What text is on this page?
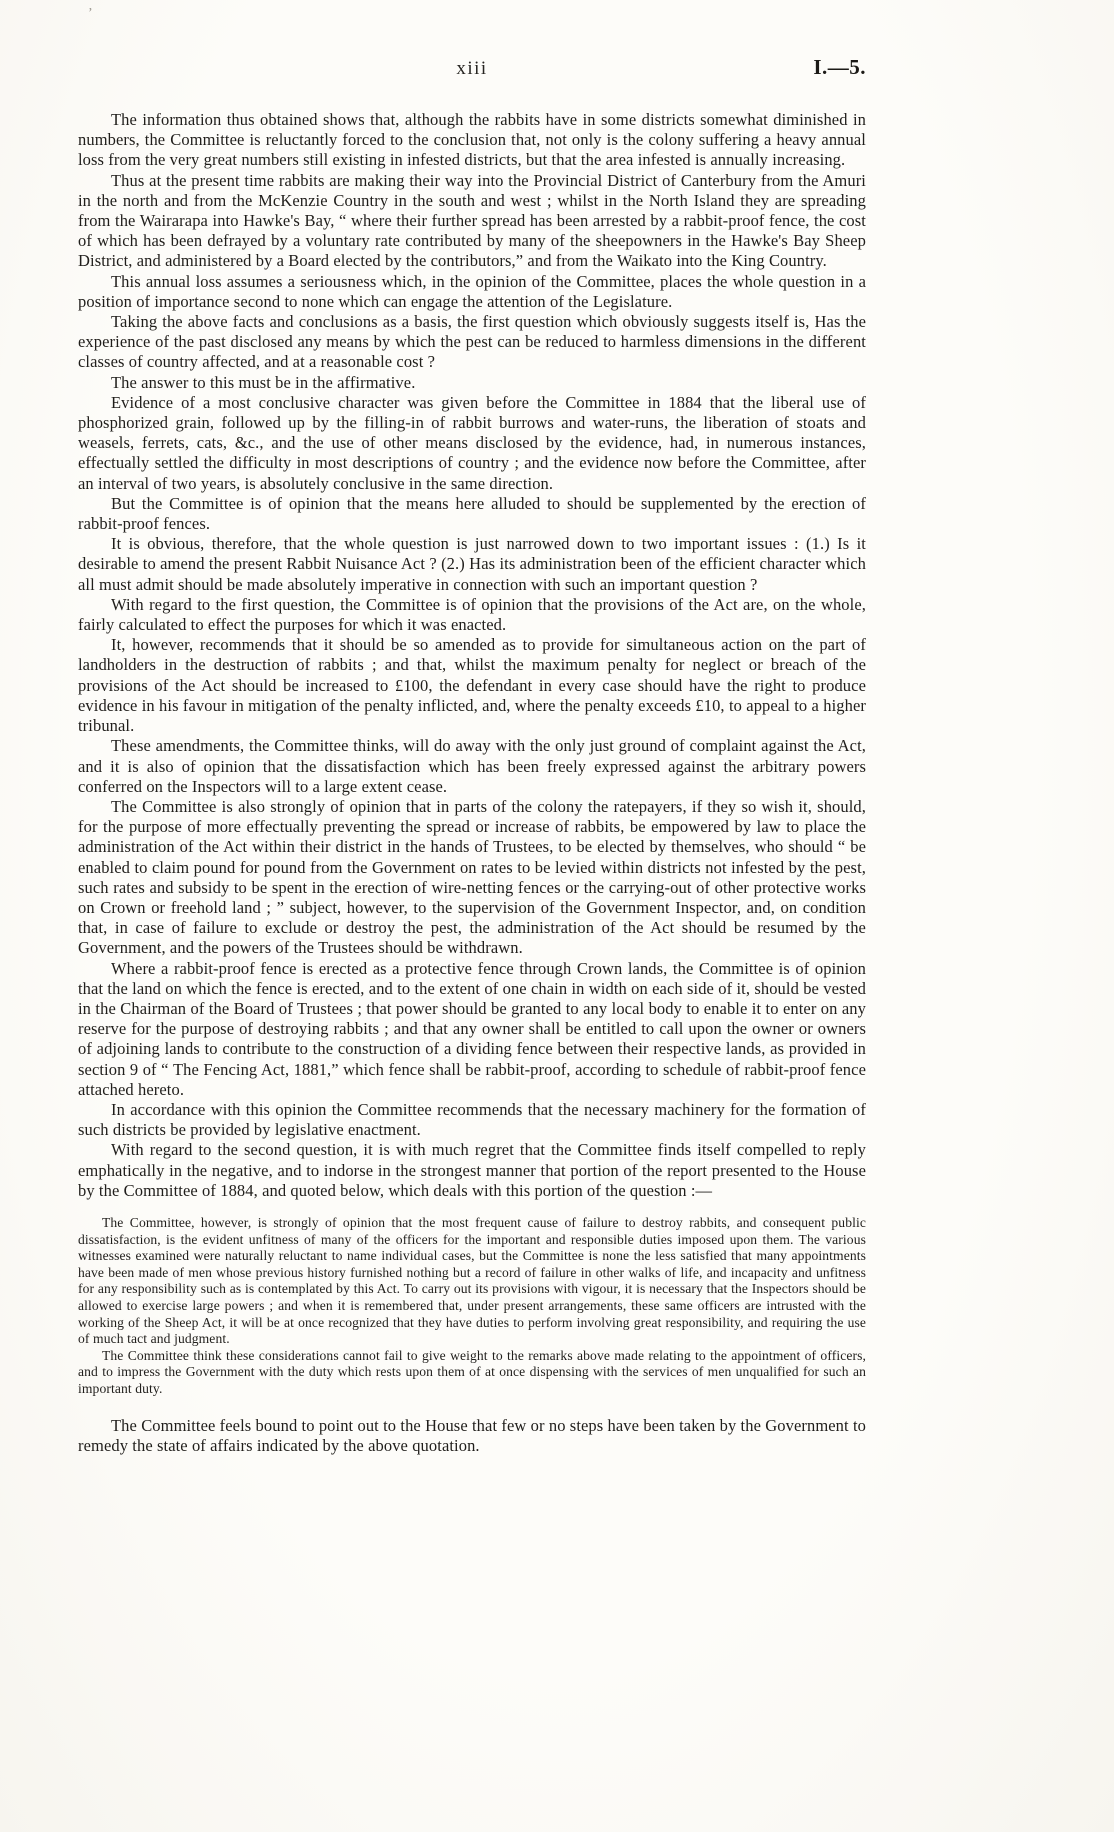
’
xiii	I.—5.

The information thus obtained shows that, although the rabbits have in some districts somewhat diminished in numbers, the Committee is reluctantly forced to the conclusion that, not only is the colony suffering a heavy annual loss from the very great numbers still existing in infested districts, but that the area infested is annually increasing.

Thus at the present time rabbits are making their way into the Provincial District of Canterbury from the Amuri in the north and from the McKenzie Country in the south and west ; whilst in the North Island they are spreading from the Wairarapa into Hawke's Bay, “ where their further spread has been arrested by a rabbit-proof fence, the cost of which has been defrayed by a voluntary rate contributed by many of the sheepowners in the Hawke's Bay Sheep District, and administered by a Board elected by the contributors,” and from the Waikato into the King Country.

This annual loss assumes a seriousness which, in the opinion of the Committee, places the whole question in a position of importance second to none which can engage the attention of the Legislature.

Taking the above facts and conclusions as a basis, the first question which obviously suggests itself is, Has the experience of the past disclosed any means by which the pest can be reduced to harmless dimensions in the different classes of country affected, and at a reasonable cost ?

The answer to this must be in the affirmative.

Evidence of a most conclusive character was given before the Committee in 1884 that the liberal use of phosphorized grain, followed up by the filling-in of rabbit burrows and water-runs, the liberation of stoats and weasels, ferrets, cats, &c., and the use of other means disclosed by the evidence, had, in numerous instances, effectually settled the difficulty in most descriptions of country ; and the evidence now before the Committee, after an interval of two years, is absolutely conclusive in the same direction.

But the Committee is of opinion that the means here alluded to should be supplemented by the erection of rabbit-proof fences.

It is obvious, therefore, that the whole question is just narrowed down to two important issues : (1.) Is it desirable to amend the present Rabbit Nuisance Act ? (2.) Has its administration been of the efficient character which all must admit should be made absolutely imperative in connection with such an important question ?

With regard to the first question, the Committee is of opinion that the provisions of the Act are, on the whole, fairly calculated to effect the purposes for which it was enacted.

It, however, recommends that it should be so amended as to provide for simultaneous action on the part of landholders in the destruction of rabbits ; and that, whilst the maximum penalty for neglect or breach of the provisions of the Act should be increased to £100, the defendant in every case should have the right to produce evidence in his favour in mitigation of the penalty inflicted, and, where the penalty exceeds £10, to appeal to a higher tribunal.

These amendments, the Committee thinks, will do away with the only just ground of complaint against the Act, and it is also of opinion that the dissatisfaction which has been freely expressed against the arbitrary powers conferred on the Inspectors will to a large extent cease.

The Committee is also strongly of opinion that in parts of the colony the ratepayers, if they so wish it, should, for the purpose of more effectually preventing the spread or increase of rabbits, be empowered by law to place the administration of the Act within their district in the hands of Trustees, to be elected by themselves, who should “ be enabled to claim pound for pound from the Government on rates to be levied within districts not infested by the pest, such rates and subsidy to be spent in the erection of wire-netting fences or the carrying-out of other protective works on Crown or freehold land ; ” subject, however, to the supervision of the Government Inspector, and, on condition that, in case of failure to exclude or destroy the pest, the administration of the Act should be resumed by the Government, and the powers of the Trustees should be withdrawn.

Where a rabbit-proof fence is erected as a protective fence through Crown lands, the Committee is of opinion that the land on which the fence is erected, and to the extent of one chain in width on each side of it, should be vested in the Chairman of the Board of Trustees ; that power should be granted to any local body to enable it to enter on any reserve for the purpose of destroying rabbits ; and that any owner shall be entitled to call upon the owner or owners of adjoining lands to contribute to the construction of a dividing fence between their respective lands, as provided in section 9 of “ The Fencing Act, 1881,” which fence shall be rabbit-proof, according to schedule of rabbit-proof fence attached hereto.

In accordance with this opinion the Committee recommends that the necessary machinery for the formation of such districts be provided by legislative enactment.

With regard to the second question, it is with much regret that the Committee finds itself compelled to reply emphatically in the negative, and to indorse in the strongest manner that portion of the report presented to the House by the Committee of 1884, and quoted below, which deals with this portion of the question :—

The Committee, however, is strongly of opinion that the most frequent cause of failure to destroy rabbits, and consequent public dissatisfaction, is the evident unfitness of many of the officers for the important and responsible duties imposed upon them. The various witnesses examined were naturally reluctant to name individual cases, but the Committee is none the less satisfied that many appointments have been made of men whose previous history furnished nothing but a record of failure in other walks of life, and incapacity and unfitness for any responsibility such as is contemplated by this Act. To carry out its provisions with vigour, it is necessary that the Inspectors should be allowed to exercise large powers ; and when it is remembered that, under present arrangements, these same officers are intrusted with the working of the Sheep Act, it will be at once recognized that they have duties to perform involving great responsibility, and requiring the use of much tact and judgment.

The Committee think these considerations cannot fail to give weight to the remarks above made relating to the appointment of officers, and to impress the Government with the duty which rests upon them of at once dispensing with the services of men unqualified for such an important duty.

The Committee feels bound to point out to the House that few or no steps have been taken by the Government to remedy the state of affairs indicated by the above quotation.
